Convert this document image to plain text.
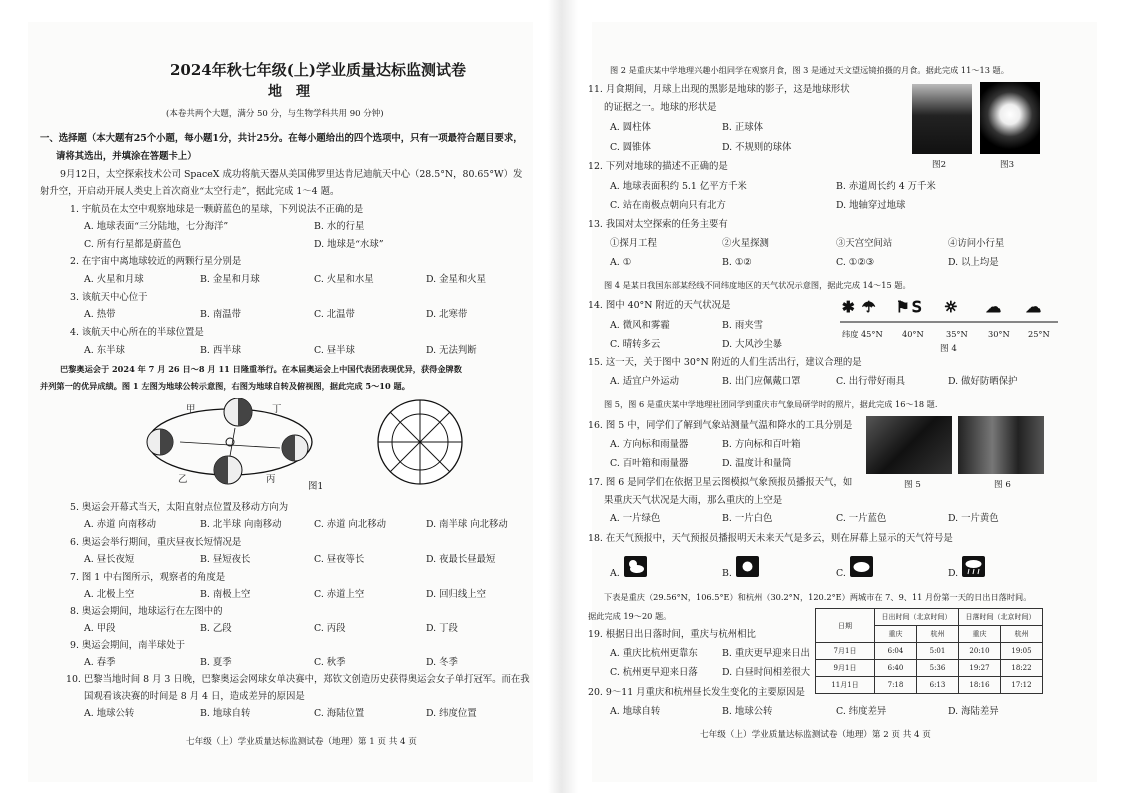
2024年秋七年级(上)学业质量达标监测试卷
地理
(本卷共两个大题，满分 50 分，与生物学科共用 90 分钟)
一、选择题（本大题有25个小题，每小题1分，共计25分。在每小题给出的四个选项中，只有一项最符合题目要求，
请将其选出，并填涂在答题卡上）
9月12日，太空探索技术公司 SpaceX 成功将航天器从美国佛罗里达肯尼迪航天中心（28.5°N，80.65°W）发
射升空，开启动开展人类史上首次商业“太空行走”，据此完成 1～4 题。
1. 宇航员在太空中观察地球是一颗蔚蓝色的星球，下列说法不正确的是
A. 地球表面“三分陆地，七分海洋”	B. 水的行星
C. 所有行星都是蔚蓝色	D. 地球是“水球”
2. 在宇宙中离地球较近的两颗行星分别是
A. 火星和月球	B. 金星和月球	C. 火星和水星	D. 金星和火星
3. 该航天中心位于
A. 热带	B. 南温带	C. 北温带	D. 北寒带
4. 该航天中心所在的半球位置是
A. 东半球	B. 西半球	C. 昼半球	D. 无法判断
巴黎奥运会于 2024 年 7 月 26 日～8 月 11 日隆重举行。在本届奥运会上中国代表团表现优异，获得金牌数
并列第一的优异成绩。图 1 左图为地球公转示意图，右图为地球自转及俯视图，据此完成 5～10 题。
甲	丁
乙	丙
图1
5. 奥运会开幕式当天，太阳直射点位置及移动方向为
A. 赤道 向南移动	B. 北半球 向南移动	C. 赤道 向北移动	D. 南半球 向北移动
6. 奥运会举行期间，重庆昼夜长短情况是
A. 昼长夜短	B. 昼短夜长	C. 昼夜等长	D. 夜最长昼最短
7. 图 1 中右图所示，观察者的角度是
A. 北极上空	B. 南极上空	C. 赤道上空	D. 回归线上空
8. 奥运会期间，地球运行在左图中的
A. 甲段	B. 乙段	C. 丙段	D. 丁段
9. 奥运会期间，南半球处于
A. 春季	B. 夏季	C. 秋季	D. 冬季
10. 巴黎当地时间 8 月 3 日晚，巴黎奥运会网球女单决赛中，郑钦文创造历史获得奥运会女子单打冠军。而在我
国观看该决赛的时间是 8 月 4 日，造成差异的原因是
A. 地球公转	B. 地球自转	C. 海陆位置	D. 纬度位置
七年级（上）学业质量达标监测试卷（地理）第 1 页 共 4 页
图 2 是重庆某中学地理兴趣小组同学在观察月食，图 3 是通过天文望远镜拍摄的月食。据此完成 11～13 题。
11. 月食期间，月球上出现的黑影是地球的影子，这是地球形状
的证据之一。地球的形状是
A. 圆柱体	B. 正球体
C. 圆锥体	D. 不规则的球体
图2	图3
12. 下列对地球的描述不正确的是
A. 地球表面积约 5.1 亿平方千米	B. 赤道周长约 4 万千米
C. 站在南极点朝向只有北方	D. 地轴穿过地球
13. 我国对太空探索的任务主要有
①探月工程	②火星探测	③天宫空间站	④访问小行星
A. ①	B. ①②	C. ①②③	D. 以上均是
图 4 是某日我国东部某经线不同纬度地区的天气状况示意图，据此完成 14～15 题。
14. 图中 40°N 附近的天气状况是
A. 微风和雾霾	B. 雨夹雪
C. 晴转多云	D. 大风沙尘暴
✱ ☂ ⚑ S ☼ ☁ ☁
纬度 45°N 40°N	35°N 30°N 25°N
图 4
15. 这一天，关于图中 30°N 附近的人们生活出行，建议合理的是
A. 适宜户外运动	B. 出门应佩戴口罩	C. 出行带好雨具	D. 做好防晒保护
图 5，图 6 是重庆某中学地理社团同学到重庆市气象局研学时的照片，据此完成 16～18 题.
16. 图 5 中，同学们了解到气象站测量气温和降水的工具分别是
A. 方向标和雨量器	B. 方向标和百叶箱
C. 百叶箱和雨量器	D. 温度计和量筒
图 5	图 6
17. 图 6 是同学们在依据卫星云图模拟气象预报员播报天气，如
果重庆天气状况是大雨，那么重庆的上空是
A. 一片绿色	B. 一片白色	C. 一片蓝色	D. 一片黄色
18. 在天气预报中，天气预报员播报明天未来天气是多云，则在屏幕上显示的天气符号是
A.	B.	C.	D.
下表是重庆（29.56°N，106.5°E）和杭州（30.2°N，120.2°E）两城市在 7、9、11 月份第一天的日出日落时间。
据此完成 19～20 题。
日期	日出时间（北京时间）		日落时间（北京时间）	
	重庆	杭州	重庆	杭州
7月1日	6:04	5:01	20:10	19:05
9月1日	6:40	5:36	19:27	18:22
11月1日	7:18	6:13	18:16	17:12
19. 根据日出日落时间，重庆与杭州相比
A. 重庆比杭州更靠东	B. 重庆更早迎来日出
C. 杭州更早迎来日落	D. 白昼时间相差很大
20. 9～11 月重庆和杭州昼长发生变化的主要原因是
A. 地球自转	B. 地球公转	C. 纬度差异	D. 海陆差异
七年级（上）学业质量达标监测试卷（地理）第 2 页 共 4 页
